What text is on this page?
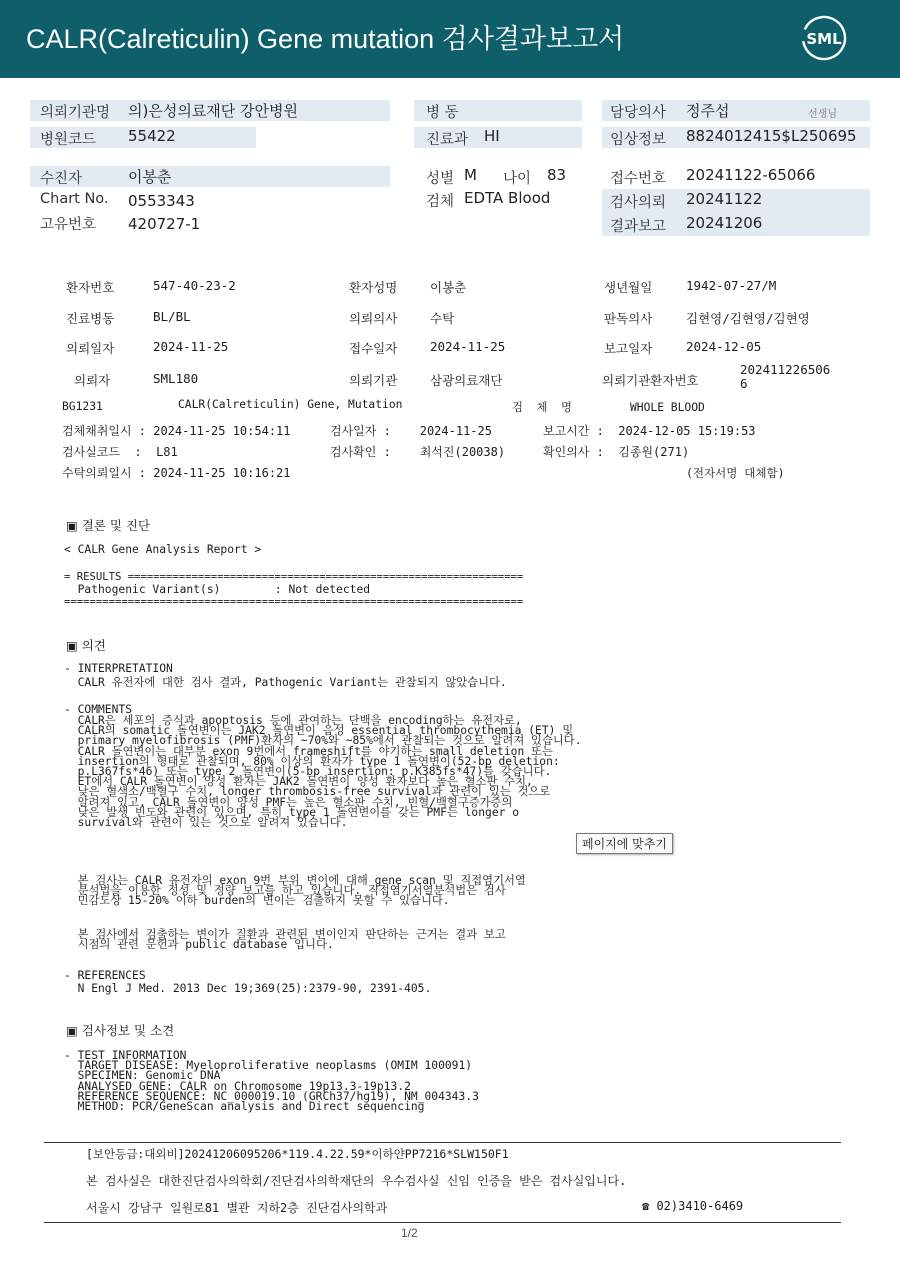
CALR(Calreticulin) Gene mutation 검사결과보고서	SML
의뢰기관명 의)은성의료재단 강안병원
병원코드 55422
수진자	이봉춘
Chart No. 0553343
고유번호 420727-1
병 동
진료과 HI
성별 M 나이 83
검체 EDTA Blood
담당의사 정주섭	선생님
임상정보 8824012415$L250695
접수번호 20241122-65066
검사의뢰 20241122
결과보고 20241206
환자번호	547-40-23-2	환자성명	이봉춘	생년월일	1942-07-27/M
진료병동	BL/BL	의뢰의사	수탁	판독의사	김현영/김현영/김현영
의뢰일자	2024-11-25	접수일자	2024-11-25	보고일자	2024-12-05
의뢰자	SML180	의뢰기관	삼광의료재단	의뢰기관환자번호
202411226506
6
BG1231	CALR(Calreticulin) Gene, Mutation	검  체  명	WHOLE BLOOD
검체채취일시 : 2024-11-25 10:54:11	검사일자 :    2024-11-25	보고시간 :  2024-12-05 15:19:53
검사실코드  :  L81	검사확인 :    최석진(20038)	확인의사 :  김종원(271)
수탁의뢰일시 : 2024-11-25 10:16:21	(전자서명 대체함)
▣ 결론 및 진단
< CALR Gene Analysis Report >
= RESULTS ==============================================================
Pathogenic Variant(s)        : Not detected
========================================================================
▣ 의견
- INTERPRETATION
CALR 유전자에 대한 검사 결과, Pathogenic Variant는 관찰되지 않았습니다.
- COMMENTS
CALR은 세포의 증식과 apoptosis 등에 관여하는 단백을 encoding하는 유전자로,
CALR의 somatic 돌연변이는 JAK2 돌연변이 음성 essential thrombocythemia (ET) 및
primary myelofibrosis (PMF)환자의 ~70%와 ~85%에서 관찰되는 것으로 알려져 있습니다.
CALR 돌연변이는 대부분 exon 9번에서 frameshift를 야기하는 small deletion 또는
insertion의 형태로 관찰되며, 80% 이상의 환자가 type 1 돌연변이(52-bp deletion:
p.L367fs*46) 또는 type 2 돌연변이(5-bp insertion: p.K385fs*47)를 갖습니다.
ET에서 CALR 돌연변이 양성 환자는 JAK2 돌연변이 양성 환자보다 높은 혈소판 수치,
낮은 혈색소/백혈구 수치, longer thrombosis-free survival과 관련이 있는 것으로
알려져 있고, CALR 돌연변이 양성 PMF는 높은 혈소판 수치, 빈혈/백혈구증가증의
낮은 발생 빈도와 관련이 있으며, 특히 type 1 돌연변이를 갖는 PMF는 longer o
survival와 관련이 있는 것으로 알려져 있습니다.
본 검사는 CALR 유전자의 exon 9번 부위 변이에 대해 gene scan 및 직접염기서열
분석법을 이용한 정성 및 정량 보고를 하고 있습니다. 직접염기서열분석법은 검사
민감도상 15-20% 이하 burden의 변이는 검출하지 못할 수 있습니다.
본 검사에서 검출하는 변이가 질환과 관련된 변이인지 판단하는 근거는 결과 보고
시점의 관련 문헌과 public database 입니다.
- REFERENCES
N Engl J Med. 2013 Dec 19;369(25):2379-90, 2391-405.
▣ 검사정보 및 소견
- TEST INFORMATION
TARGET DISEASE: Myeloproliferative neoplasms (OMIM 100091)
SPECIMEN: Genomic DNA
ANALYSED GENE: CALR on Chromosome 19p13.3-19p13.2
REFERENCE SEQUENCE: NC_000019.10 (GRCh37/hg19), NM_004343.3
METHOD: PCR/GeneScan analysis and Direct sequencing
페이지에 맞추기
[보안등급:대외비]20241206095206*119.4.22.59*이하얀PP7216*SLW150F1
본 검사실은 대한진단검사의학회/진단검사의학재단의 우수검사실 신임 인증을 받은 검사실입니다.
서울시 강남구 일원로81 별관 지하2층 진단검사의학과	☎ 02)3410-6469
1/2
